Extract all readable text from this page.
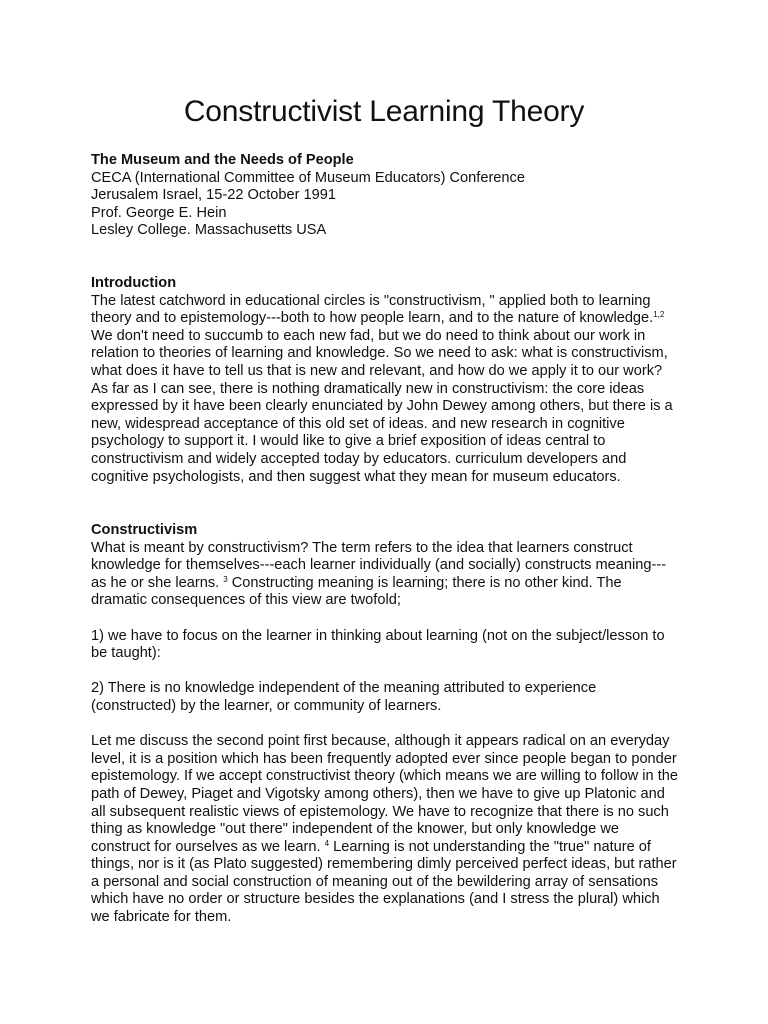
Constructivist Learning Theory
The Museum and the Needs of People
CECA (International Committee of Museum Educators) Conference
Jerusalem Israel, 15-22 October 1991
Prof. George E. Hein
Lesley College. Massachusetts USA

Introduction

The latest catchword in educational circles is "constructivism, " applied both to learning theory and to epistemology---both to how people learn, and to the nature of knowledge.$^{1,2}$ We don't need to succumb to each new fad, but we do need to think about our work in relation to theories of learning and knowledge. So we need to ask: what is constructivism, what does it have to tell us that is new and relevant, and how do we apply it to our work? As far as I can see, there is nothing dramatically new in constructivism: the core ideas expressed by it have been clearly enunciated by John Dewey among others, but there is a new, widespread acceptance of this old set of ideas. and new research in cognitive psychology to support it. I would like to give a brief exposition of ideas central to constructivism and widely accepted today by educators. curriculum developers and cognitive psychologists, and then suggest what they mean for museum educators.

Constructivism

What is meant by constructivism? The term refers to the idea that learners construct knowledge for themselves---each learner individually (and socially) constructs meaning---as he or she learns. $^3$ Constructing meaning is learning; there is no other kind. The dramatic consequences of this view are twofold;

1) we have to focus on the learner in thinking about learning (not on the subject/lesson to be taught):

2) There is no knowledge independent of the meaning attributed to experience (constructed) by the learner, or community of learners.

Let me discuss the second point first because, although it appears radical on an everyday level, it is a position which has been frequently adopted ever since people began to ponder epistemology. If we accept constructivist theory (which means we are willing to follow in the path of Dewey, Piaget and Vigotsky among others), then we have to give up Platonic and all subsequent realistic views of epistemology. We have to recognize that there is no such thing as knowledge "out there" independent of the knower, but only knowledge we construct for ourselves as we learn. $^4$ Learning is not understanding the "true" nature of things, nor is it (as Plato suggested) remembering dimly perceived perfect ideas, but rather a personal and social construction of meaning out of the bewildering array of sensations which have no order or structure besides the explanations (and I stress the plural) which we fabricate for them.
